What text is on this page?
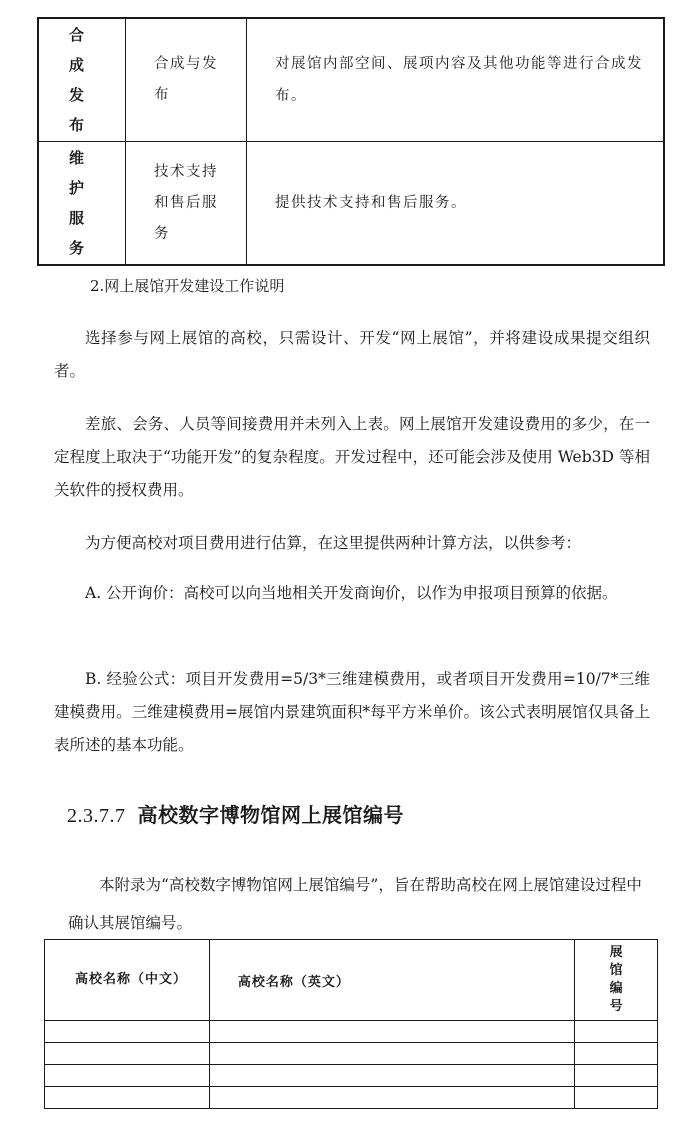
合成发布	合成与发布	对展馆内部空间、展项内容及其他功能等进行合成发布。

维护服务	技术支持和售后服务	提供技术支持和售后服务。

2.网上展馆开发建设工作说明

选择参与网上展馆的高校，只需设计、开发“网上展馆”，并将建设成果提交组织者。

差旅、会务、人员等间接费用并未列入上表。网上展馆开发建设费用的多少，在一定程度上取决于“功能开发”的复杂程度。开发过程中，还可能会涉及使用 Web3D 等相关软件的授权费用。

为方便高校对项目费用进行估算，在这里提供两种计算方法，以供参考：

A. 公开询价：高校可以向当地相关开发商询价，以作为申报项目预算的依据。

B. 经验公式：项目开发费用=5/3*三维建模费用，或者项目开发费用=10/7*三维建模费用。三维建模费用=展馆内景建筑面积*每平方米单价。该公式表明展馆仅具备上表所述的基本功能。

2.3.7.7 高校数字博物馆网上展馆编号

本附录为“高校数字博物馆网上展馆编号”，旨在帮助高校在网上展馆建设过程中确认其展馆编号。

高校名称（中文）	高校名称（英文）	展馆编号
